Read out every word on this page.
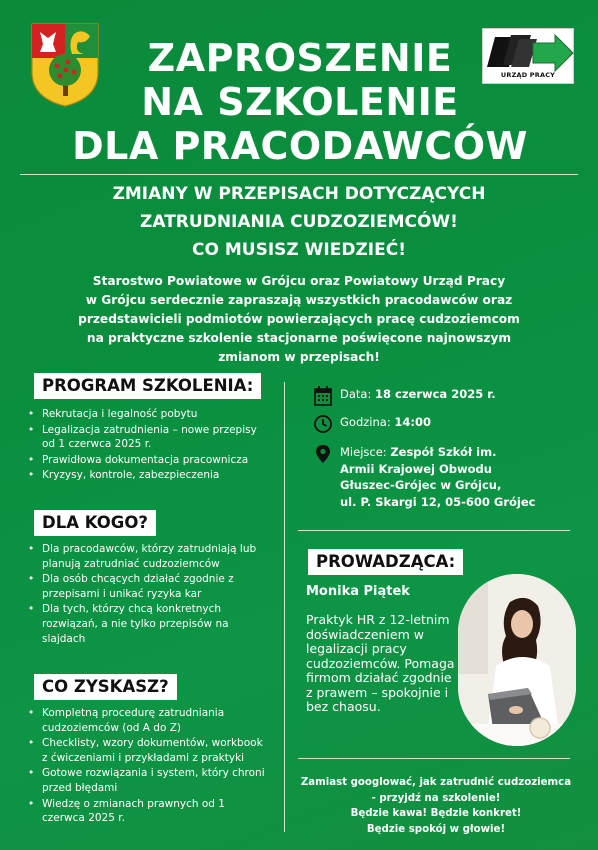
URZĄD PRACY
ZAPROSZENIE
NA SZKOLENIE
DLA PRACODAWCÓW
ZMIANY W PRZEPISACH DOTYCZĄCYCH
ZATRUDNIANIA CUDZOZIEMCÓW!
CO MUSISZ WIEDZIEĆ!
Starostwo Powiatowe w Grójcu oraz Powiatowy Urząd Pracy
w Grójcu serdecznie zapraszają wszystkich pracodawców oraz
przedstawicieli podmiotów powierzających pracę cudzoziemcom
na praktyczne szkolenie stacjonarne poświęcone najnowszym
zmianom w przepisach!
PROGRAM SZKOLENIA:
• Rekrutacja i legalność pobytu
• Legalizacja zatrudnienia – nowe przepisy od 1 czerwca 2025 r.
• Prawidłowa dokumentacja pracownicza
• Kryzysy, kontrole, zabezpieczenia
DLA KOGO?
• Dla pracodawców, którzy zatrudniają lub planują zatrudniać cudzoziemców
• Dla osób chcących działać zgodnie z przepisami i unikać ryzyka kar
• Dla tych, którzy chcą konkretnych rozwiązań, a nie tylko przepisów na slajdach
CO ZYSKASZ?
• Kompletną procedurę zatrudniania cudzoziemców (od A do Z)
• Checklisty, wzory dokumentów, workbook z ćwiczeniami i przykładami z praktyki
• Gotowe rozwiązania i system, który chroni przed błędami
• Wiedzę o zmianach prawnych od 1 czerwca 2025 r.
Data: 18 czerwca 2025 r.
Godzina: 14:00
Miejsce: Zespół Szkół im.
Armii Krajowej Obwodu
Głuszec-Grójec w Grójcu,
ul. P. Skargi 12, 05-600 Grójec
PROWADZĄCA:
Monika Piątek
Praktyk HR z 12-letnim doświadczeniem w legalizacji pracy cudzoziemców. Pomaga firmom działać zgodnie z prawem – spokojnie i bez chaosu.
Zamiast googlować, jak zatrudnić cudzoziemca
- przyjdź na szkolenie!
Będzie kawa! Będzie konkret!
Będzie spokój w głowie!
